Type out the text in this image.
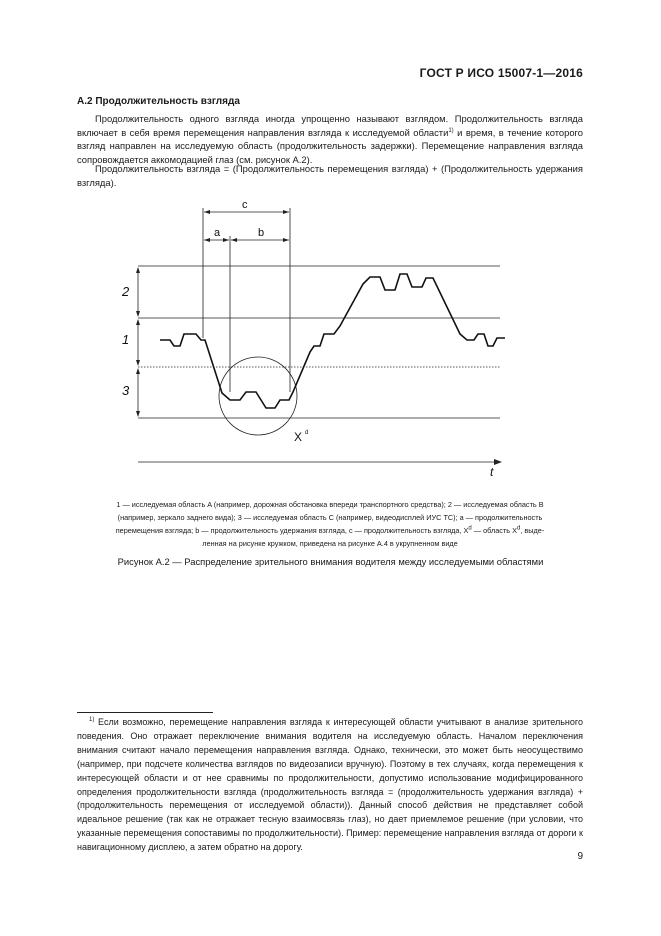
ГОСТ Р ИСО 15007-1—2016
A.2 Продолжительность взгляда

Продолжительность одного взгляда иногда упрощенно называют взглядом. Продолжительность взгляда включает в себя время перемещения направления взгляда к исследуемой области$^{1)}$ и время, в течение которого взгляд направлен на исследуемую область (продолжительность задержки). Перемещение направления взгляда сопровождается аккомодацией глаз (см. рисунок A.2).

Продолжительность взгляда = (Продолжительность перемещения взгляда) + (Продолжительность удержания взгляда).

c
a	b
2
1
3
X d
t

1 — исследуемая область A (например, дорожная обстановка впереди транспортного средства); 2 — исследуемая область B
(например, зеркало заднего вида); 3 — исследуемая область C (например, видеодисплей ИУС ТС); a — продолжительность
перемещения взгляда; b — продолжительность удержания взгляда, c — продолжительность взгляда, $X^d$ — область $X^d$, выде-
ленная на рисунке кружком, приведена на рисунке A.4 в укрупненном виде

Рисунок A.2 — Распределение зрительного внимания водителя между исследуемыми областями

$^{1)}$ Если возможно, перемещение направления взгляда к интересующей области учитывают в анализе зрительного поведения. Оно отражает переключение внимания водителя на исследуемую область. Началом переключения внимания считают начало перемещения направления взгляда. Однако, технически, это может быть неосуществимо (например, при подсчете количества взглядов по видеозаписи вручную). Поэтому в тех случаях, когда перемещения к интересующей области и от нее сравнимы по продолжительности, допустимо использование модифицированного определения продолжительности взгляда (продолжительность взгляда = (продолжительность удержания взгляда) + (продолжительность перемещения от исследуемой области)). Данный способ действия не представляет собой идеальное решение (так как не отражает тесную взаимосвязь глаз), но дает приемлемое решение (при условии, что указанные перемещения сопоставимы по продолжительности). Пример: перемещение направления взгляда от дороги к навигационному дисплею, а затем обратно на дорогу.

9
